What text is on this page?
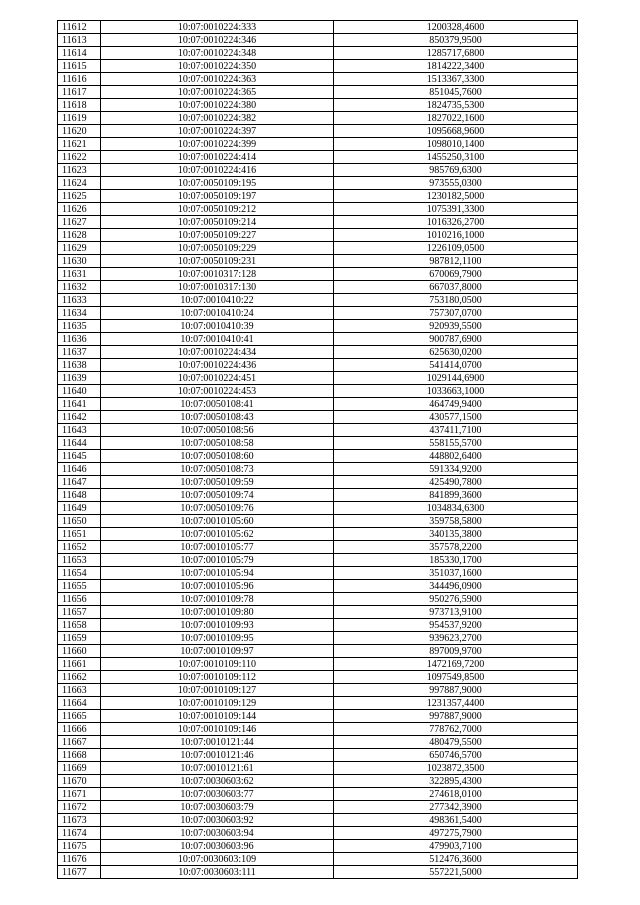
11612	10:07:0010224:333	1200328,4600
11613	10:07:0010224:346	850379,9500
11614	10:07:0010224:348	1285717,6800
11615	10:07:0010224:350	1814222,3400
11616	10:07:0010224:363	1513367,3300
11617	10:07:0010224:365	851045,7600
11618	10:07:0010224:380	1824735,5300
11619	10:07:0010224:382	1827022,1600
11620	10:07:0010224:397	1095668,9600
11621	10:07:0010224:399	1098010,1400
11622	10:07:0010224:414	1455250,3100
11623	10:07:0010224:416	985769,6300
11624	10:07:0050109:195	973555,0300
11625	10:07:0050109:197	1230182,5000
11626	10:07:0050109:212	1075391,3300
11627	10:07:0050109:214	1016326,2700
11628	10:07:0050109:227	1010216,1000
11629	10:07:0050109:229	1226109,0500
11630	10:07:0050109:231	987812,1100
11631	10:07:0010317:128	670069,7900
11632	10:07:0010317:130	667037,8000
11633	10:07:0010410:22	753180,0500
11634	10:07:0010410:24	757307,0700
11635	10:07:0010410:39	920939,5500
11636	10:07:0010410:41	900787,6900
11637	10:07:0010224:434	625630,0200
11638	10:07:0010224:436	541414,0700
11639	10:07:0010224:451	1029144,6900
11640	10:07:0010224:453	1033663,1000
11641	10:07:0050108:41	464749,9400
11642	10:07:0050108:43	430577,1500
11643	10:07:0050108:56	437411,7100
11644	10:07:0050108:58	558155,5700
11645	10:07:0050108:60	448802,6400
11646	10:07:0050108:73	591334,9200
11647	10:07:0050109:59	425490,7800
11648	10:07:0050109:74	841899,3600
11649	10:07:0050109:76	1034834,6300
11650	10:07:0010105:60	359758,5800
11651	10:07:0010105:62	340135,3800
11652	10:07:0010105:77	357578,2200
11653	10:07:0010105:79	185330,1700
11654	10:07:0010105:94	351037,1600
11655	10:07:0010105:96	344496,0900
11656	10:07:0010109:78	950276,5900
11657	10:07:0010109:80	973713,9100
11658	10:07:0010109:93	954537,9200
11659	10:07:0010109:95	939623,2700
11660	10:07:0010109:97	897009,9700
11661	10:07:0010109:110	1472169,7200
11662	10:07:0010109:112	1097549,8500
11663	10:07:0010109:127	997887,9000
11664	10:07:0010109:129	1231357,4400
11665	10:07:0010109:144	997887,9000
11666	10:07:0010109:146	778762,7000
11667	10:07:0010121:44	480479,5500
11668	10:07:0010121:46	650746,5700
11669	10:07:0010121:61	1023872,3500
11670	10:07:0030603:62	322895,4300
11671	10:07:0030603:77	274618,0100
11672	10:07:0030603:79	277342,3900
11673	10:07:0030603:92	498361,5400
11674	10:07:0030603:94	497275,7900
11675	10:07:0030603:96	479903,7100
11676	10:07:0030603:109	512476,3600
11677	10:07:0030603:111	557221,5000
